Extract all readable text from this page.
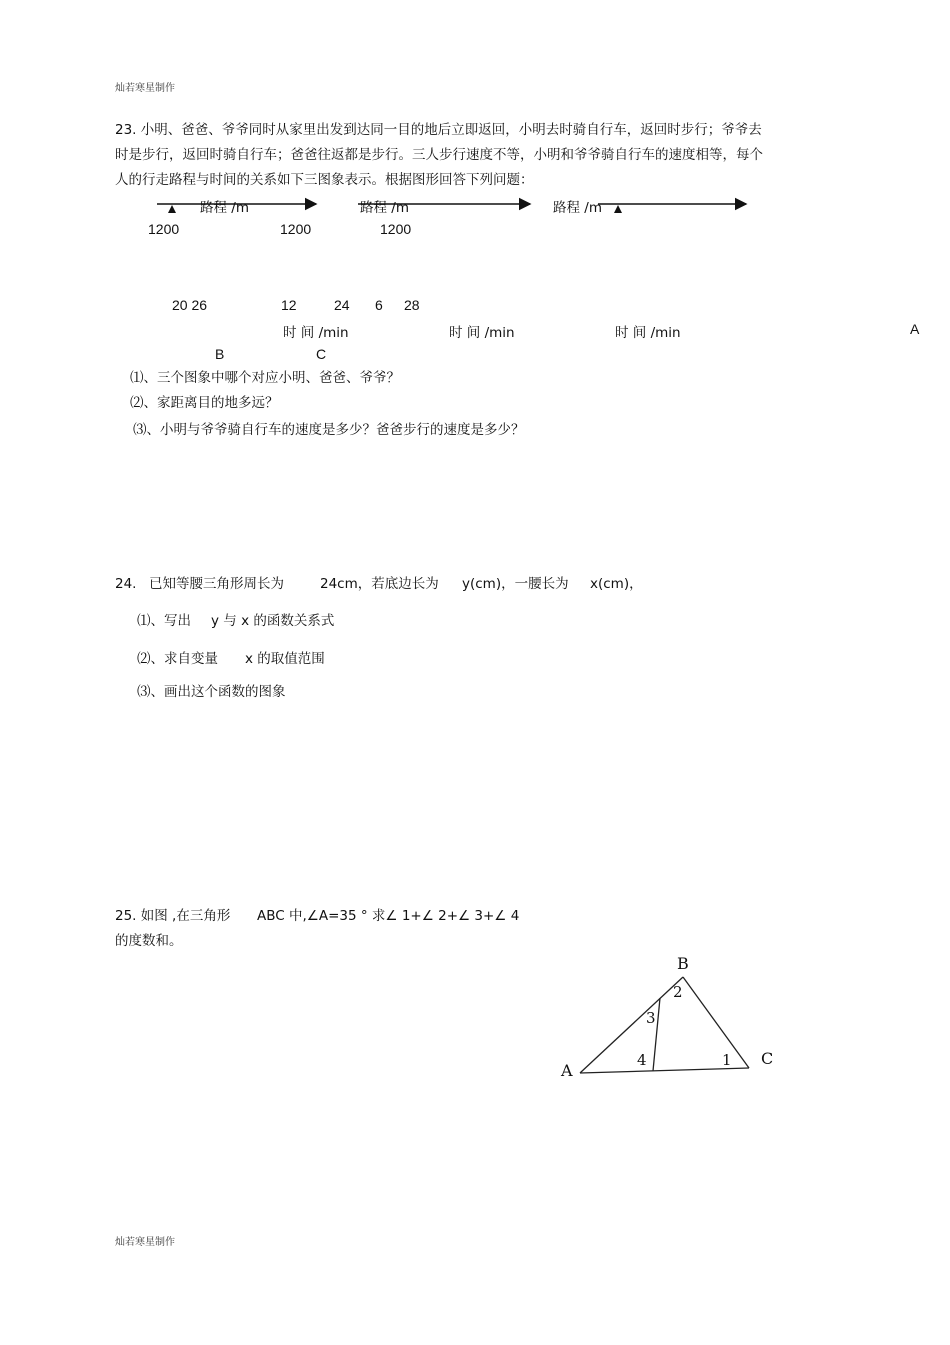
灿若寒星制作
23. 小明、爸爸、爷爷同时从家里出发到达同一目的地后立即返回，小明去时骑自行车，返回时步行；爷爷去
时是步行，返回时骑自行车；爸爸往返都是步行。三人步行速度不等，小明和爷爷骑自行车的速度相等，每个
人的行走路程与时间的关系如下三图象表示。根据图形回答下列问题：
路程 /m	路程 /m	路程 /m
1200	1200	1200
20 26	12	24 6 28
时 间 /min	时 间 /min	时 间 /min	A
B	C
⑴、三个图象中哪个对应小明、爸爸、爷爷？
⑵、家距离目的地多远？
⑶、小明与爷爷骑自行车的速度是多少？爸爸步行的速度是多少？
24. 已知等腰三角形周长为	24cm，若底边长为 y(cm)，一腰长为 x(cm)，
⑴、写出 y 与 x 的函数关系式
⑵、求自变量 x 的取值范围
⑶、画出这个函数的图象
25. 如图 ,在三角形 ABC 中,∠A=35 ° 求∠ 1+∠ 2+∠ 3+∠ 4
的度数和。
B
A
C
2
3
4	1
灿若寒星制作
